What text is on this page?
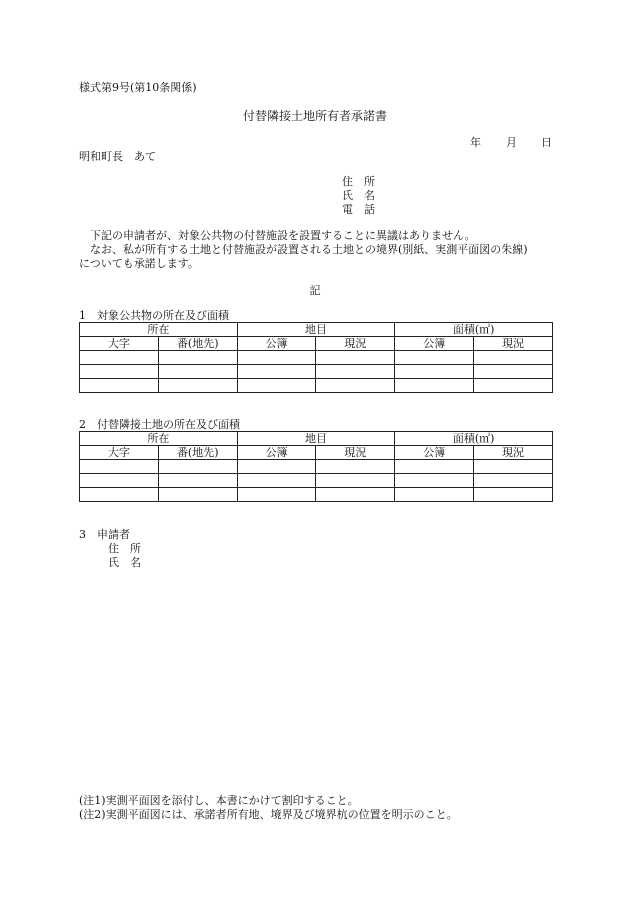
様式第9号(第10条関係)
付替隣接土地所有者承諾書
年 月 日
明和町長　あて
住　所
氏　名
電　話
下記の申請者が、対象公共物の付替施設を設置することに異議はありません。
なお、私が所有する土地と付替施設が設置される土地との境界(別紙、実測平面図の朱線)
についても承諾します。
記
1　対象公共物の所在及び面積
所在		地目		面積(㎡)	
大字	番(地先)	公簿	現況	公簿	現況

2　付替隣接土地の所在及び面積
所在		地目		面積(㎡)	
大字	番(地先)	公簿	現況	公簿	現況

3　申請者
住　所
氏　名
(注1)実測平面図を添付し、本書にかけて割印すること。
(注2)実測平面図には、承諾者所有地、境界及び境界杭の位置を明示のこと。
